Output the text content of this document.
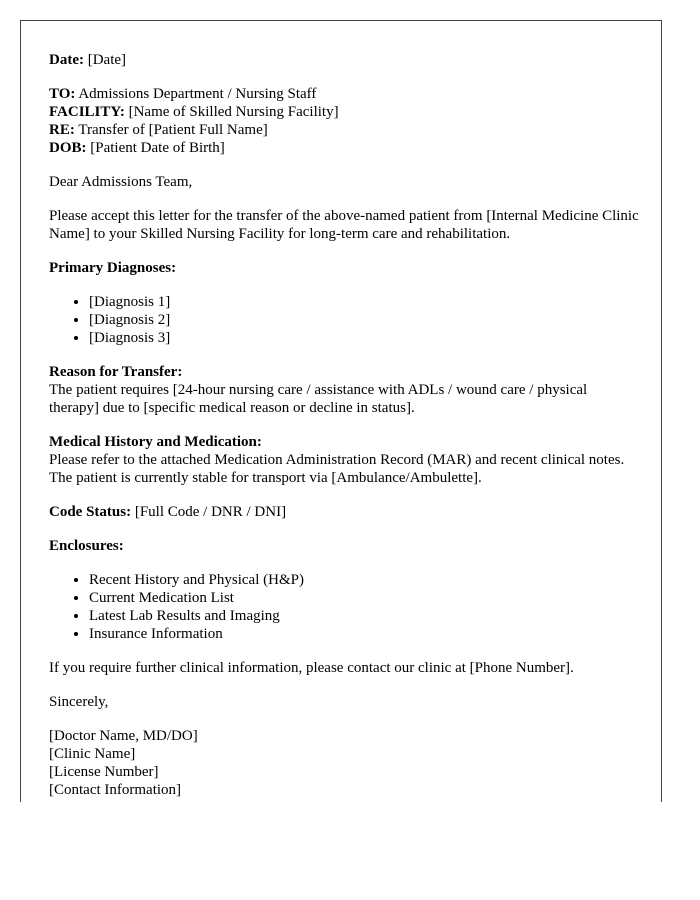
Date: [Date]
TO: Admissions Department / Nursing Staff
FACILITY: [Name of Skilled Nursing Facility]
RE: Transfer of [Patient Full Name]
DOB: [Patient Date of Birth]

Dear Admissions Team,

Please accept this letter for the transfer of the above-named patient from [Internal Medicine Clinic Name] to your Skilled Nursing Facility for long-term care and rehabilitation.

Primary Diagnoses:

• [Diagnosis 1]
• [Diagnosis 2]
• [Diagnosis 3]

Reason for Transfer:

The patient requires [24-hour nursing care / assistance with ADLs / wound care / physical therapy] due to [specific medical reason or decline in status].

Medical History and Medication:

Please refer to the attached Medication Administration Record (MAR) and recent clinical notes. The patient is currently stable for transport via [Ambulance/Ambulette].

Code Status: [Full Code / DNR / DNI]

Enclosures:

• Recent History and Physical (H&P)
• Current Medication List
• Latest Lab Results and Imaging
• Insurance Information

If you require further clinical information, please contact our clinic at [Phone Number].

Sincerely,

[Doctor Name, MD/DO]
[Clinic Name]
[License Number]
[Contact Information]
